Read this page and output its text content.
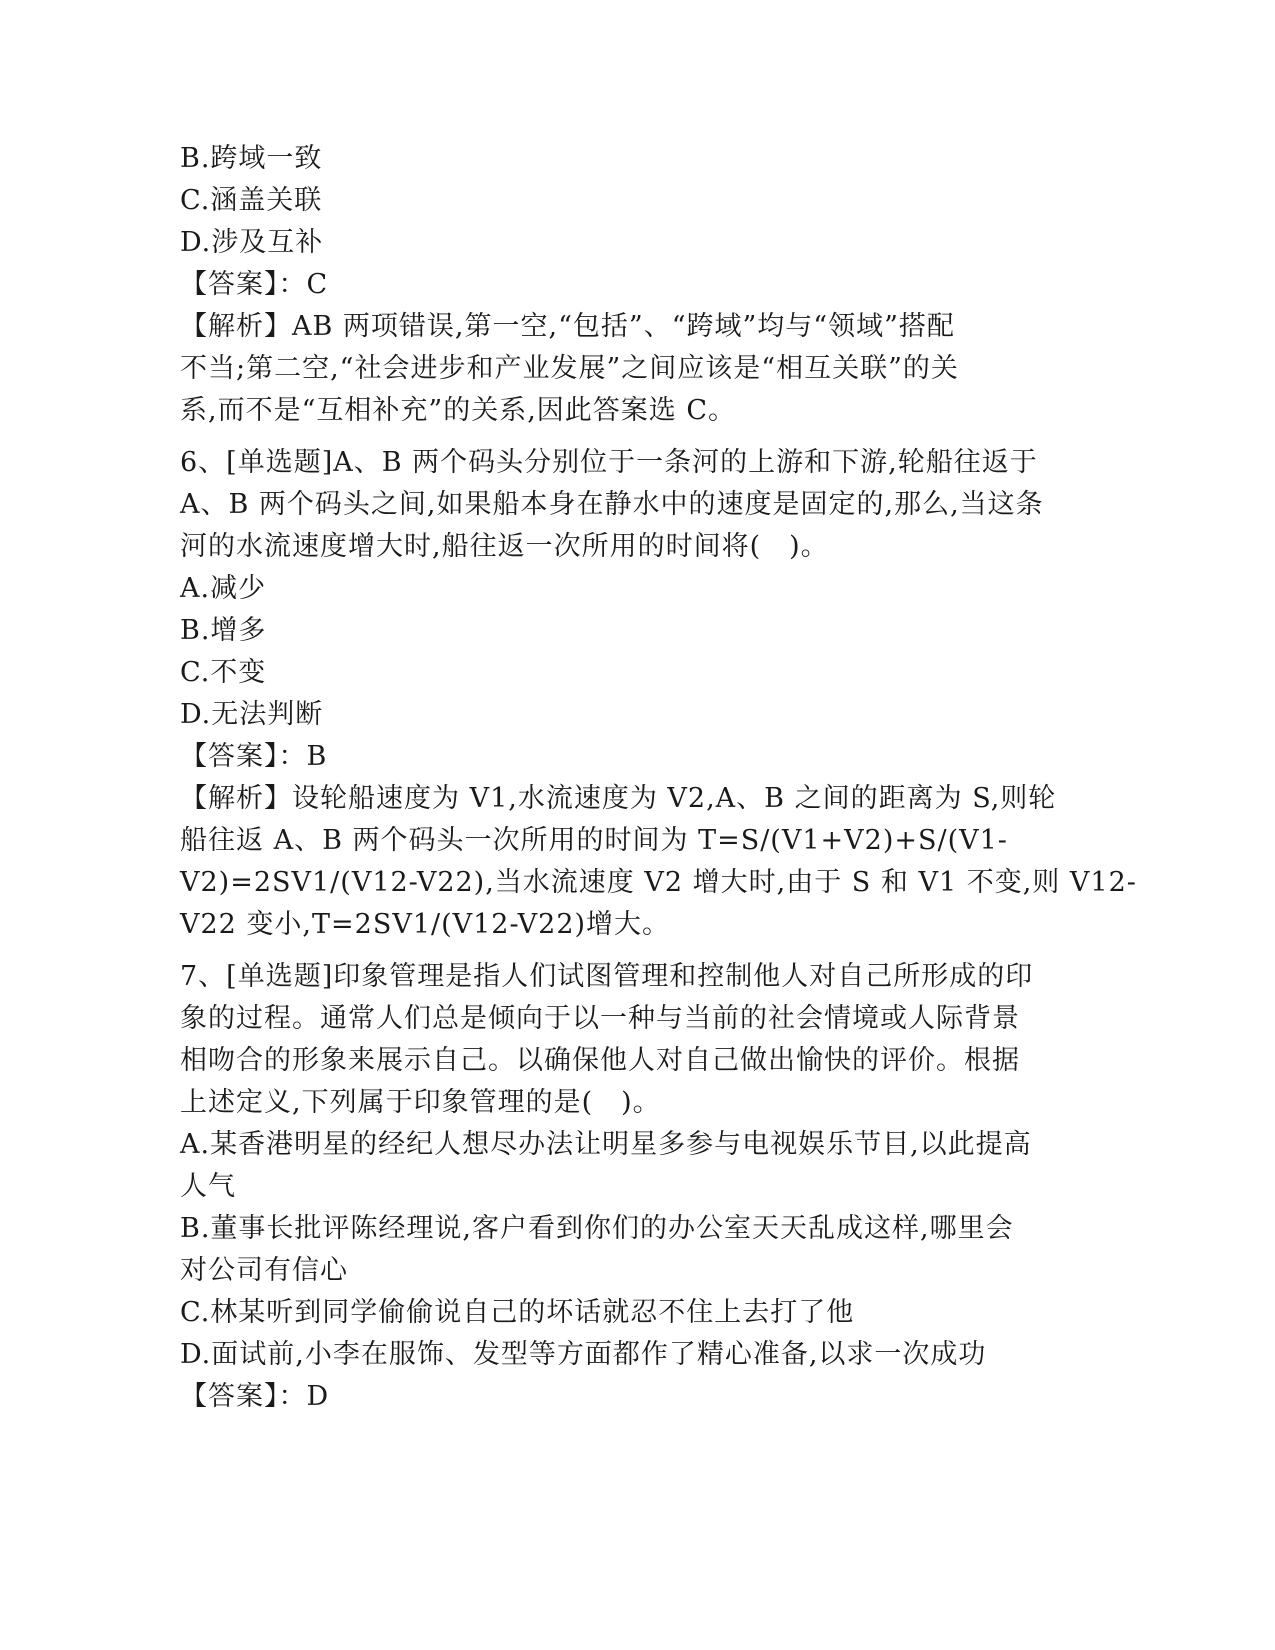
B.跨域一致
C.涵盖关联
D.涉及互补
【答案】：C
【解析】AB 两项错误,第一空,“包括”、“跨域”均与“领域”搭配
不当;第二空,“社会进步和产业发展”之间应该是“相互关联”的关
系,而不是“互相补充”的关系,因此答案选 C。
6、[单选题]A、B 两个码头分别位于一条河的上游和下游,轮船往返于
A、B 两个码头之间,如果船本身在静水中的速度是固定的,那么,当这条
河的水流速度增大时,船往返一次所用的时间将(　)。
A.减少
B.增多
C.不变
D.无法判断
【答案】：B
【解析】设轮船速度为 V1,水流速度为 V2,A、B 之间的距离为 S,则轮
船往返 A、B 两个码头一次所用的时间为 T=S/(V1+V2)+S/(V1-
V2)=2SV1/(V12-V22),当水流速度 V2 增大时,由于 S 和 V1 不变,则 V12-
V22 变小,T=2SV1/(V12-V22)增大。
7、[单选题]印象管理是指人们试图管理和控制他人对自己所形成的印
象的过程。通常人们总是倾向于以一种与当前的社会情境或人际背景
相吻合的形象来展示自己。以确保他人对自己做出愉快的评价。根据
上述定义,下列属于印象管理的是(　)。
A.某香港明星的经纪人想尽办法让明星多参与电视娱乐节目,以此提高
人气
B.董事长批评陈经理说,客户看到你们的办公室天天乱成这样,哪里会
对公司有信心
C.林某听到同学偷偷说自己的坏话就忍不住上去打了他
D.面试前,小李在服饰、发型等方面都作了精心准备,以求一次成功
【答案】：D
